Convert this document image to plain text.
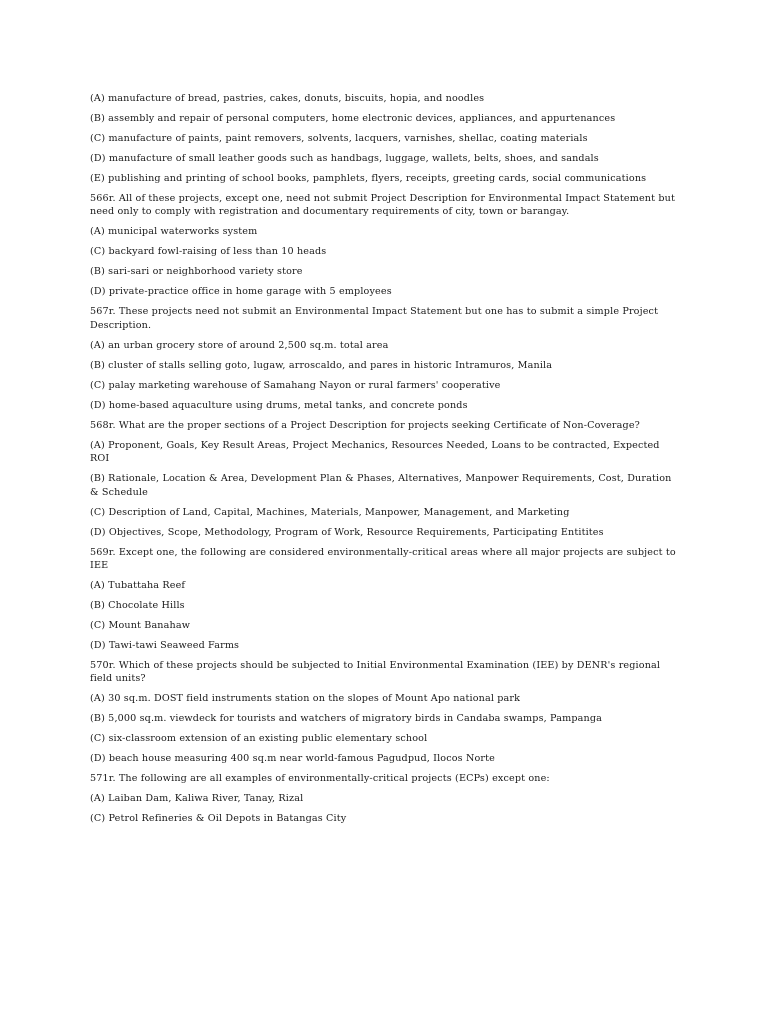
(A) manufacture of bread, pastries, cakes, donuts, biscuits, hopia, and noodles

(B) assembly and repair of personal computers, home electronic devices, appliances, and appurtenances

(C) manufacture of paints, paint removers, solvents, lacquers, varnishes, shellac, coating materials

(D) manufacture of small leather goods such as handbags, luggage, wallets, belts, shoes, and sandals

(E) publishing and printing of school books, pamphlets, flyers, receipts, greeting cards, social communications

566r. All of these projects, except one, need not submit Project Description for Environmental Impact Statement but need only to comply with registration and documentary requirements of city, town or barangay.

(A) municipal waterworks system

(C) backyard fowl-raising of less than 10 heads

(B) sari-sari or neighborhood variety store

(D) private-practice office in home garage with 5 employees

567r. These projects need not submit an Environmental Impact Statement but one has to submit a simple Project Description.

(A) an urban grocery store of around 2,500 sq.m. total area

(B) cluster of stalls selling goto, lugaw, arroscaldo, and pares in historic Intramuros, Manila

(C) palay marketing warehouse of Samahang Nayon or rural farmers' cooperative

(D) home-based aquaculture using drums, metal tanks, and concrete ponds

568r. What are the proper sections of a Project Description for projects seeking Certificate of Non-Coverage?

(A) Proponent, Goals, Key Result Areas, Project Mechanics, Resources Needed, Loans to be contracted, Expected ROI

(B) Rationale, Location & Area, Development Plan & Phases, Alternatives, Manpower Requirements, Cost, Duration & Schedule

(C) Description of Land, Capital, Machines, Materials, Manpower, Management, and Marketing

(D) Objectives, Scope, Methodology, Program of Work, Resource Requirements, Participating Entitites

569r. Except one, the following are considered environmentally-critical areas where all major projects are subject to IEE

(A) Tubattaha Reef

(B) Chocolate Hills

(C) Mount Banahaw

(D) Tawi-tawi Seaweed Farms

570r. Which of these projects should be subjected to Initial Environmental Examination (IEE) by DENR's regional field units?

(A) 30 sq.m. DOST field instruments station on the slopes of Mount Apo national park

(B) 5,000 sq.m. viewdeck for tourists and watchers of migratory birds in Candaba swamps, Pampanga

(C) six-classroom extension of an existing public elementary school

(D) beach house measuring 400 sq.m near world-famous Pagudpud, Ilocos Norte

571r. The following are all examples of environmentally-critical projects (ECPs) except one:

(A) Laiban Dam, Kaliwa River, Tanay, Rizal

(C) Petrol Refineries & Oil Depots in Batangas City
